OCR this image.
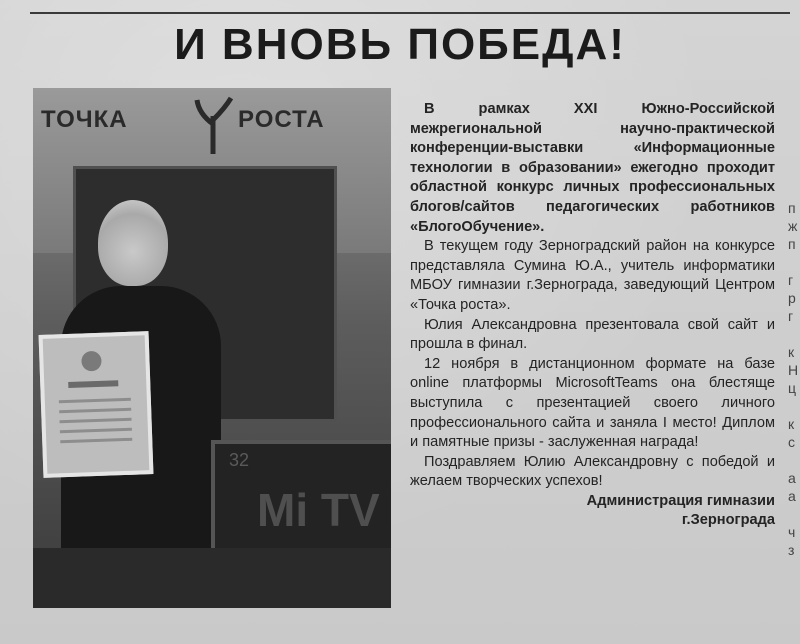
И ВНОВЬ ПОБЕДА!
ТОЧКА	РОСТА
32
Mi TV

В рамках XXI Южно-Российской межрегиональной научно-практической конференции-выставки «Информационные технологии в образовании» ежегодно проходит областной конкурс личных профессиональных блогов/сайтов педагогических работников «БлогоОбучение».

В текущем году Зерноградский район на конкурсе представляла Сумина Ю.А., учитель информатики МБОУ гимназии г.Зернограда, заведующий Центром «Точка роста».

Юлия Александровна презентовала свой сайт и прошла в финал.

12 ноября в дистанционном формате на базе online платформы MicrosoftTeams она блестяще выступила с презентацией своего личного профессионального сайта и заняла I место! Диплом и памятные призы - заслуженная награда!

Поздравляем Юлию Александровну с победой и желаем творческих успехов!

Администрация гимназии

г.Зернограда

п
ж
п
г
р
г
к
Н
ц
к
с
а
а
ч
з
